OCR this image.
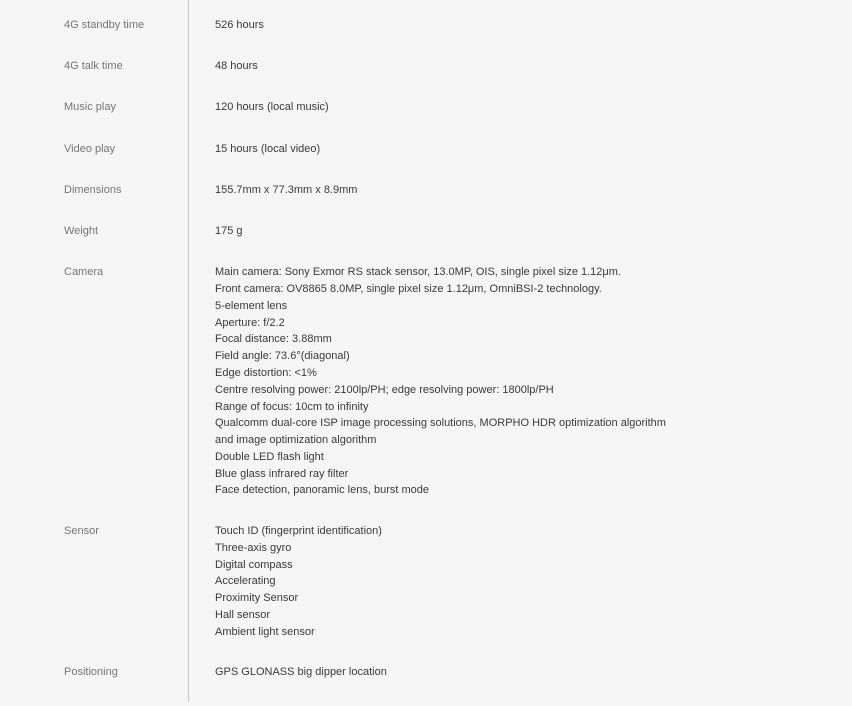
4G standby time	526 hours
4G talk time	48 hours
Music play	120 hours (local music)
Video play	15 hours (local video)
Dimensions	155.7mm x 77.3mm x 8.9mm
Weight	175 g
Camera	Main camera: Sony Exmor RS stack sensor, 13.0MP, OIS, single pixel size 1.12μm.
Front camera: OV8865 8.0MP, single pixel size 1.12μm, OmniBSI-2 technology.
5-element lens
Aperture: f/2.2
Focal distance: 3.88mm
Field angle: 73.6°(diagonal)
Edge distortion: <1%
Centre resolving power: 2100lp/PH; edge resolving power: 1800lp/PH
Range of focus: 10cm to infinity
Qualcomm dual-core ISP image processing solutions, MORPHO HDR optimization algorithm
and image optimization algorithm
Double LED flash light
Blue glass infrared ray filter
Face detection, panoramic lens, burst mode
Sensor	Touch ID (fingerprint identification)
Three-axis gyro
Digital compass
Accelerating
Proximity Sensor
Hall sensor
Ambient light sensor
Positioning	GPS GLONASS big dipper location
